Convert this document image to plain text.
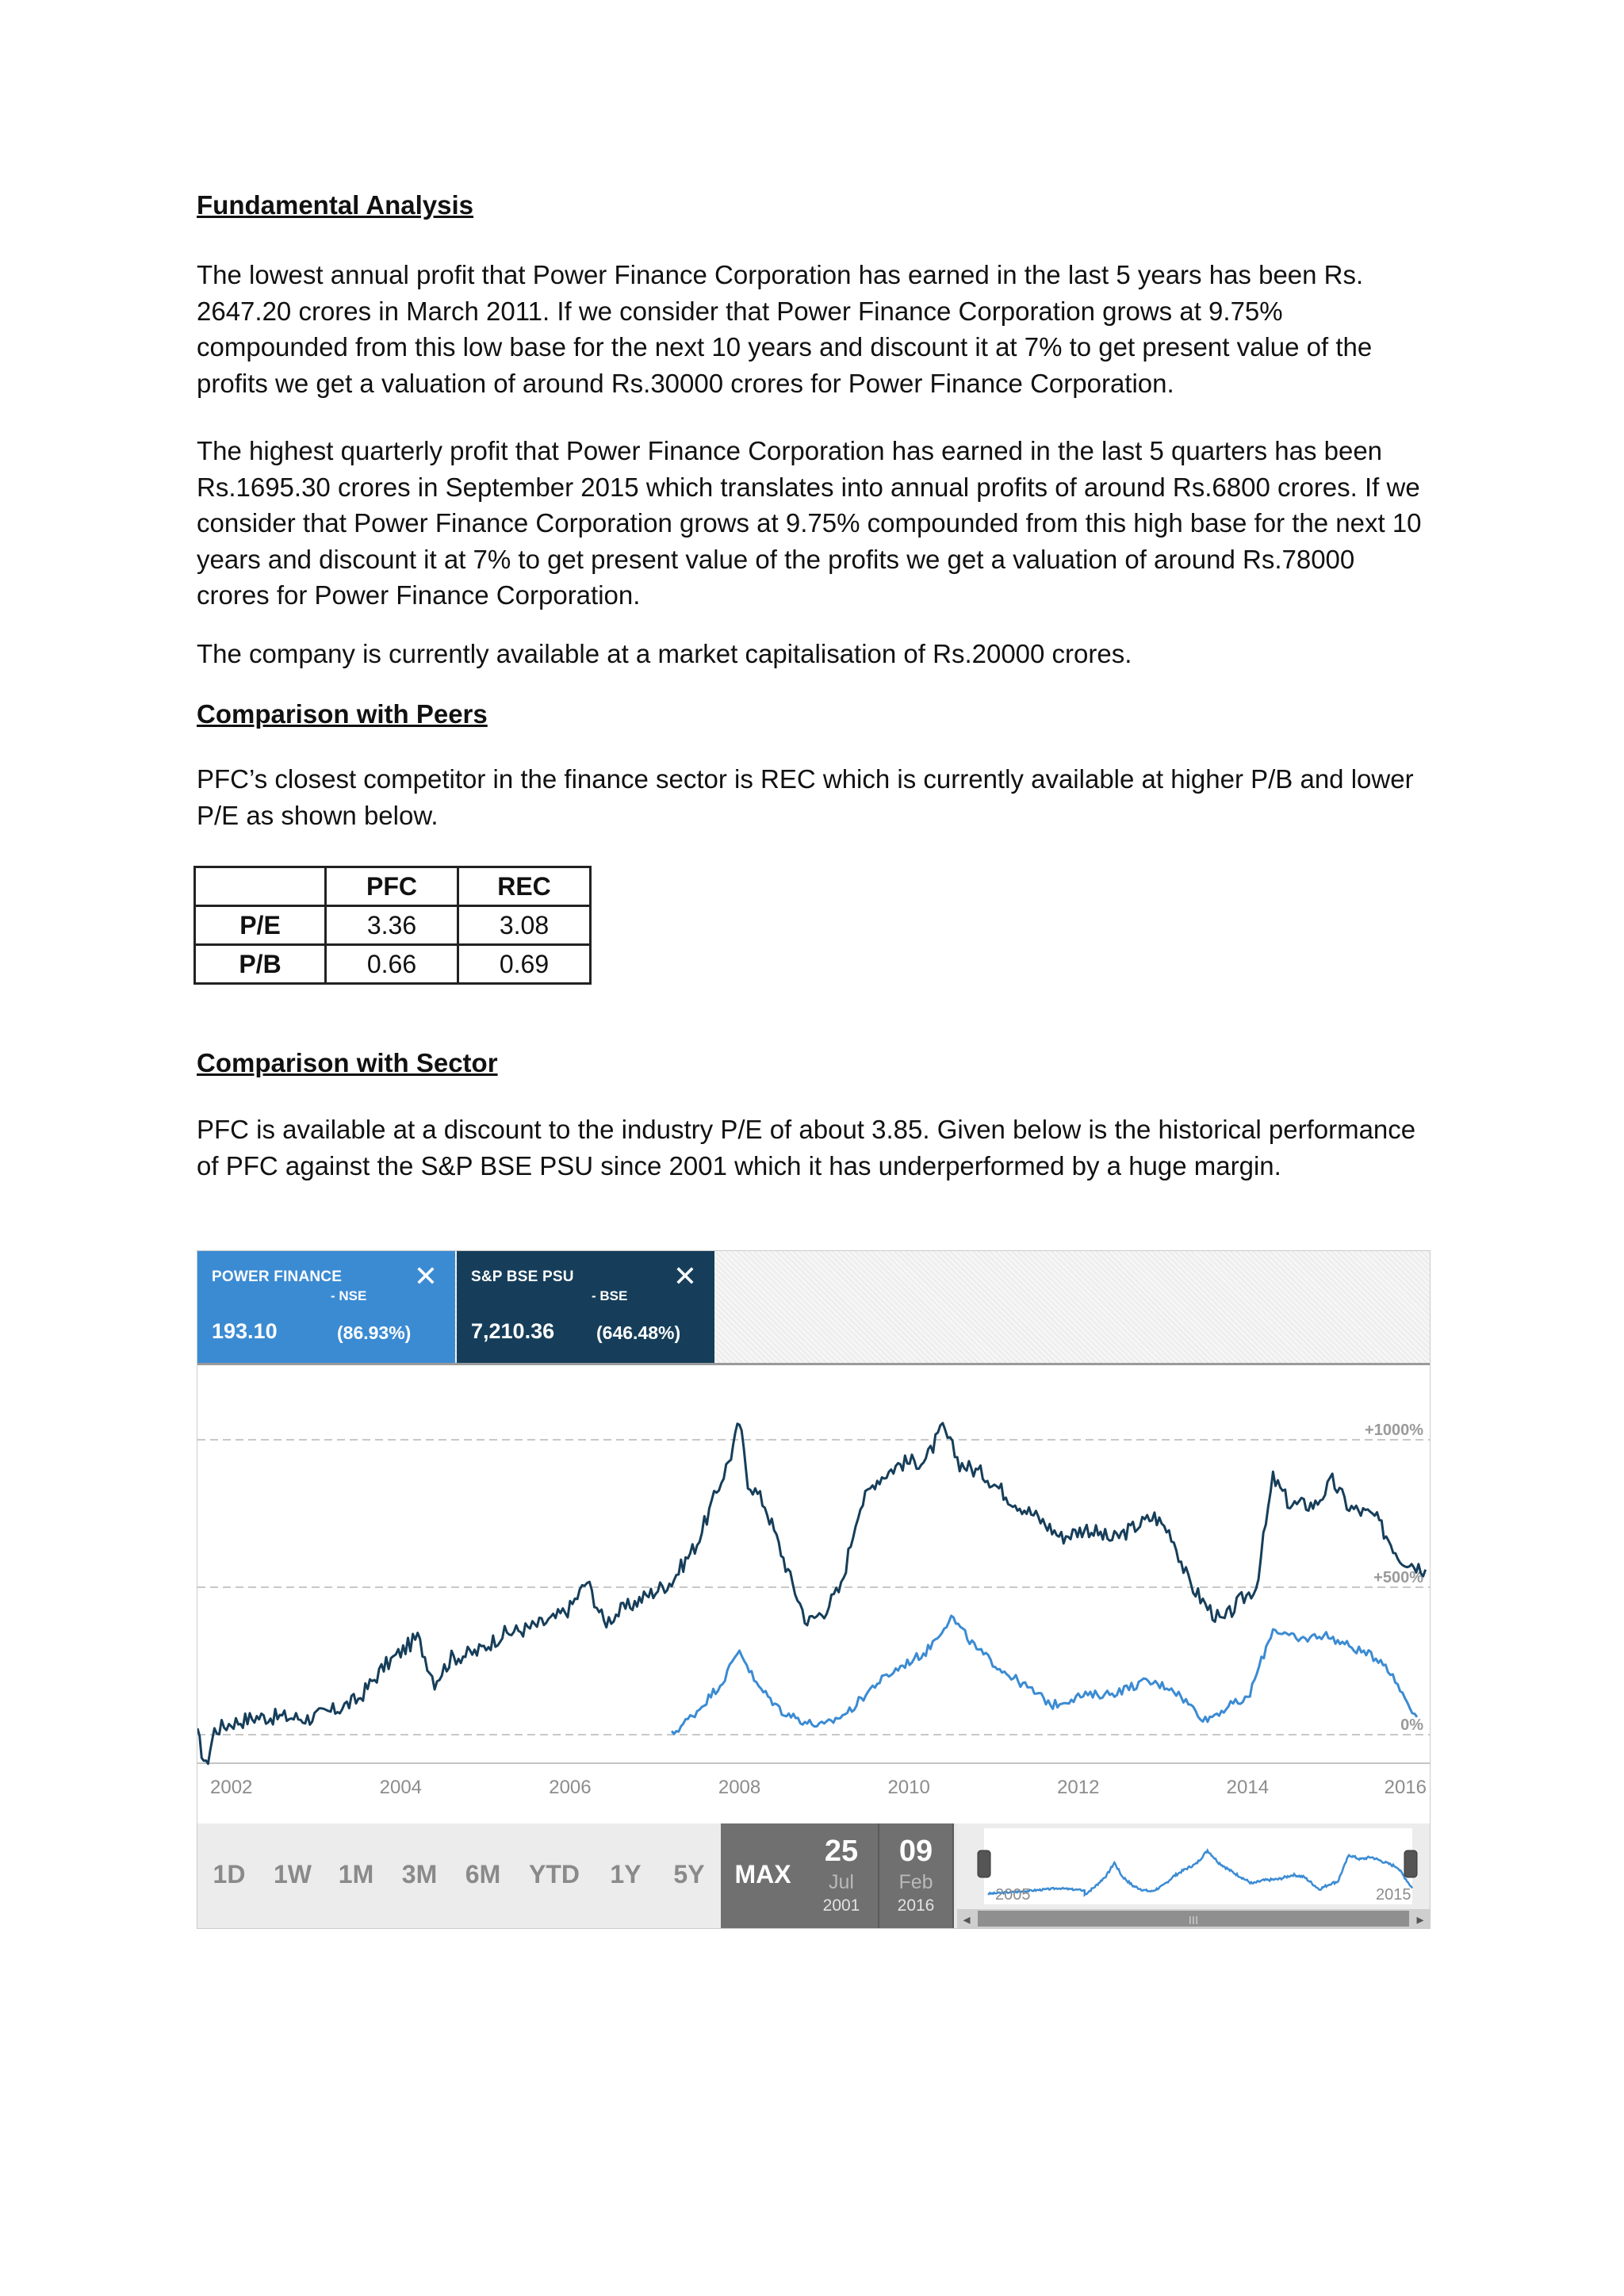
Fundamental Analysis

The lowest annual profit that Power Finance Corporation has earned in the last 5 years has been Rs. 2647.20 crores in March 2011. If we consider that Power Finance Corporation grows at 9.75% compounded from this low base for the next 10 years and discount it at 7% to get present value of the profits we get a valuation of around Rs.30000 crores for Power Finance Corporation.

The highest quarterly profit that Power Finance Corporation has earned in the last 5 quarters has been Rs.1695.30 crores in September 2015 which translates into annual profits of around Rs.6800 crores. If we consider that Power Finance Corporation grows at 9.75% compounded from this high base for the next 10 years and discount it at 7% to get present value of the profits we get a valuation of around Rs.78000 crores for Power Finance Corporation.

The company is currently available at a market capitalisation of Rs.20000 crores.

Comparison with Peers

PFC’s closest competitor in the finance sector is REC which is currently available at higher P/B and lower P/E as shown below.

	PFC	REC
P/E	3.36	3.08
P/B	0.66	0.69

Comparison with Sector

PFC is available at a discount to the industry P/E of about 3.85. Given below is the historical performance of PFC against the S&P BSE PSU since 2001 which it has underperformed by a huge margin.

POWER FINANCE
- NSE
✕
193.10	(86.93%)
S&P BSE PSU
- BSE
✕
7,210.36 (646.48%)
+1000%
+500%
0%
2002	2004	2006	2008	2010	2012	2014	2016
1D	1W	1M	3M	6M	YTD	1Y	5Y	MAX
25
Jul
2001
09
Feb
2016
2005	2015
III
◂	▸
